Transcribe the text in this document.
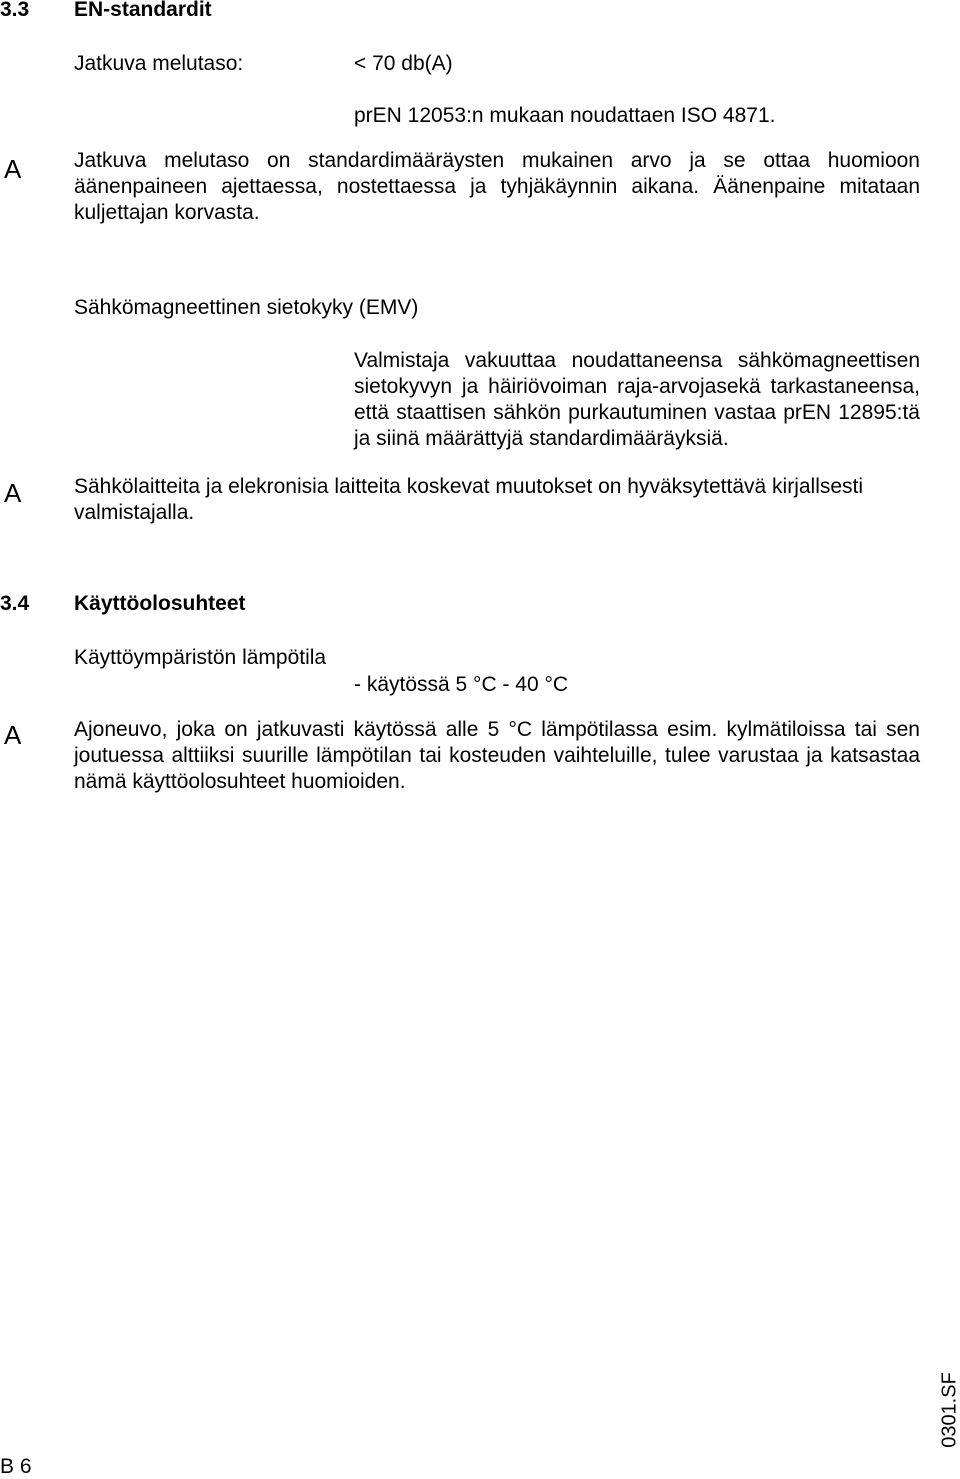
3.3 EN-standardit
Jatkuva melutaso:	< 70 db(A)
prEN 12053:n mukaan noudattaen ISO 4871.
A	Jatkuva melutaso on standardimääräysten mukainen arvo ja se ottaa huomioon äänenpaineen ajettaessa, nostettaessa ja tyhjäkäynnin aikana. Äänenpaine mitataan kuljettajan korvasta.
Sähkömagneettinen sietokyky (EMV)
Valmistaja vakuuttaa noudattaneensa sähkömagneettisen sietokyvyn ja häiriövoiman raja-arvojasekä tarkastaneensa, että staattisen sähkön purkautuminen vastaa prEN 12895:tä ja siinä määrättyjä standardimääräyksiä.
A	Sähkölaitteita ja elekronisia laitteita koskevat muutokset on hyväksytettävä kirjallsesti valmistajalla.
3.4 Käyttöolosuhteet
Käyttöympäristön lämpötila
- käytössä 5 °C - 40 °C
A	Ajoneuvo, joka on jatkuvasti käytössä alle 5 °C lämpötilassa esim. kylmätiloissa tai sen joutuessa alttiiksi suurille lämpötilan tai kosteuden vaihteluille, tulee varustaa ja katsastaa nämä käyttöolosuhteet huomioiden.
B 6
0301.SF
